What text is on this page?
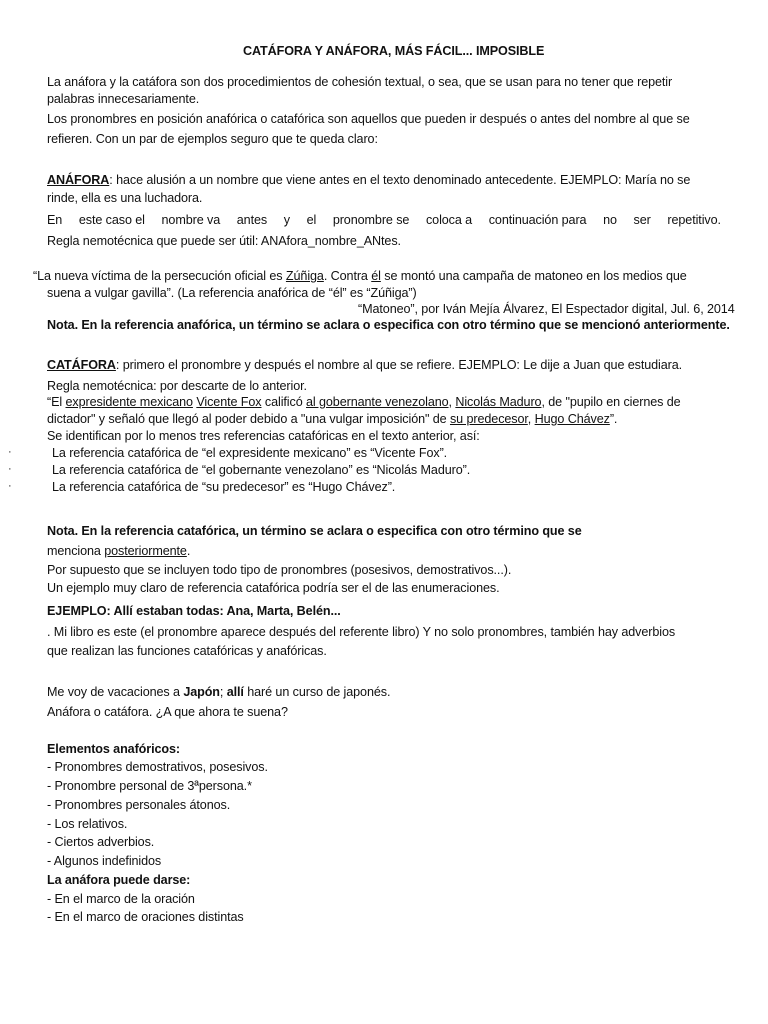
CATÁFORA Y ANÁFORA, MÁS FÁCIL... IMPOSIBLE
La anáfora y la catáfora son dos procedimientos de cohesión textual, o sea, que se usan para no tener que repetir
palabras innecesariamente.
Los pronombres en posición anafórica o catafórica son aquellos que pueden ir después o antes del nombre al que se
refieren. Con un par de ejemplos seguro que te queda claro:
ANÁFORA: hace alusión a un nombre que viene antes en el texto denominado antecedente. EJEMPLO: María no se
rinde, ella es una luchadora.
En este caso el nombre va antes y el pronombre se coloca a continuación para no ser repetitivo.
Regla nemotécnica que puede ser útil: ANAfora_nombre_ANtes.
“La nueva víctima de la persecución oficial es Zúñiga. Contra él se montó una campaña de matoneo en los medios que
suena a vulgar gavilla”. (La referencia anafórica de “él” es “Zúñiga”)
“Matoneo”, por Iván Mejía Álvarez, El Espectador digital, Jul. 6, 2014
Nota. En la referencia anafórica, un término se aclara o especifica con otro término que se mencionó anteriormente.
CATÁFORA: primero el pronombre y después el nombre al que se refiere. EJEMPLO: Le dije a Juan que estudiara.
Regla nemotécnica: por descarte de lo anterior.
“El expresidente mexicano Vicente Fox calificó al gobernante venezolano, Nicolás Maduro, de "pupilo en ciernes de
dictador" y señaló que llegó al poder debido a "una vulgar imposición" de su predecesor, Hugo Chávez”.
Se identifican por lo menos tres referencias catafóricas en el texto anterior, así:
·	La referencia catafórica de “el expresidente mexicano” es “Vicente Fox”.
·	La referencia catafórica de “el gobernante venezolano” es “Nicolás Maduro”.
·	La referencia catafórica de “su predecesor” es “Hugo Chávez”.
Nota. En la referencia catafórica, un término se aclara o especifica con otro término que se
menciona posteriormente.
Por supuesto que se incluyen todo tipo de pronombres (posesivos, demostrativos...).
Un ejemplo muy claro de referencia catafórica podría ser el de las enumeraciones.
EJEMPLO: Allí estaban todas: Ana, Marta, Belén...
. Mi libro es este (el pronombre aparece después del referente libro) Y no solo pronombres, también hay adverbios
que realizan las funciones catafóricas y anafóricas.
Me voy de vacaciones a Japón; allí haré un curso de japonés.
Anáfora o catáfora. ¿A que ahora te suena?
Elementos anafóricos:
- Pronombres demostrativos, posesivos.
- Pronombre personal de 3ªpersona.*
- Pronombres personales átonos.
- Los relativos.
- Ciertos adverbios.
- Algunos indefinidos
La anáfora puede darse:
- En el marco de la oración
- En el marco de oraciones distintas
